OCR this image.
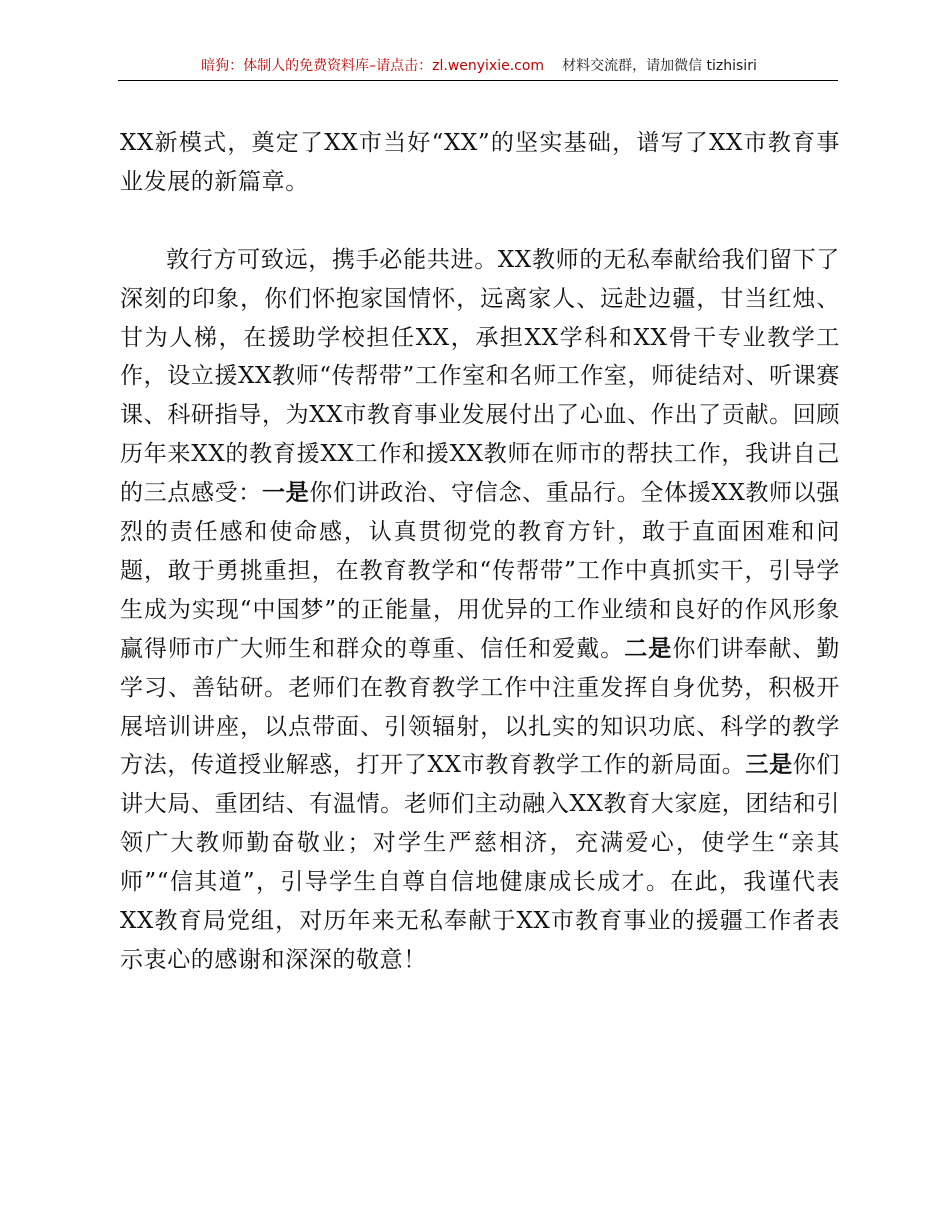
暗狗：体制人的免费资料库–请点击：zl.wenyixie.com 材料交流群，请加微信 tizhisiri

XX新模式，奠定了XX市当好“XX”的坚实基础，谱写了XX市教育事业发展的新篇章。

敦行方可致远，携手必能共进。XX教师的无私奉献给我们留下了深刻的印象，你们怀抱家国情怀，远离家人、远赴边疆，甘当红烛、甘为人梯，在援助学校担任XX，承担XX学科和XX骨干专业教学工作，设立援XX教师“传帮带”工作室和名师工作室，师徒结对、听课赛课、科研指导，为XX市教育事业发展付出了心血、作出了贡献。回顾历年来XX的教育援XX工作和援XX教师在师市的帮扶工作，我讲自己的三点感受：一是你们讲政治、守信念、重品行。全体援XX教师以强烈的责任感和使命感，认真贯彻党的教育方针，敢于直面困难和问题，敢于勇挑重担，在教育教学和“传帮带”工作中真抓实干，引导学生成为实现“中国梦”的正能量，用优异的工作业绩和良好的作风形象赢得师市广大师生和群众的尊重、信任和爱戴。二是你们讲奉献、勤学习、善钻研。老师们在教育教学工作中注重发挥自身优势，积极开展培训讲座，以点带面、引领辐射，以扎实的知识功底、科学的教学方法，传道授业解惑，打开了XX市教育教学工作的新局面。三是你们讲大局、重团结、有温情。老师们主动融入XX教育大家庭，团结和引领广大教师勤奋敬业；对学生严慈相济，充满爱心，使学生“亲其师”“信其道”，引导学生自尊自信地健康成长成才。在此，我谨代表XX教育局党组，对历年来无私奉献于XX市教育事业的援疆工作者表示衷心的感谢和深深的敬意！
